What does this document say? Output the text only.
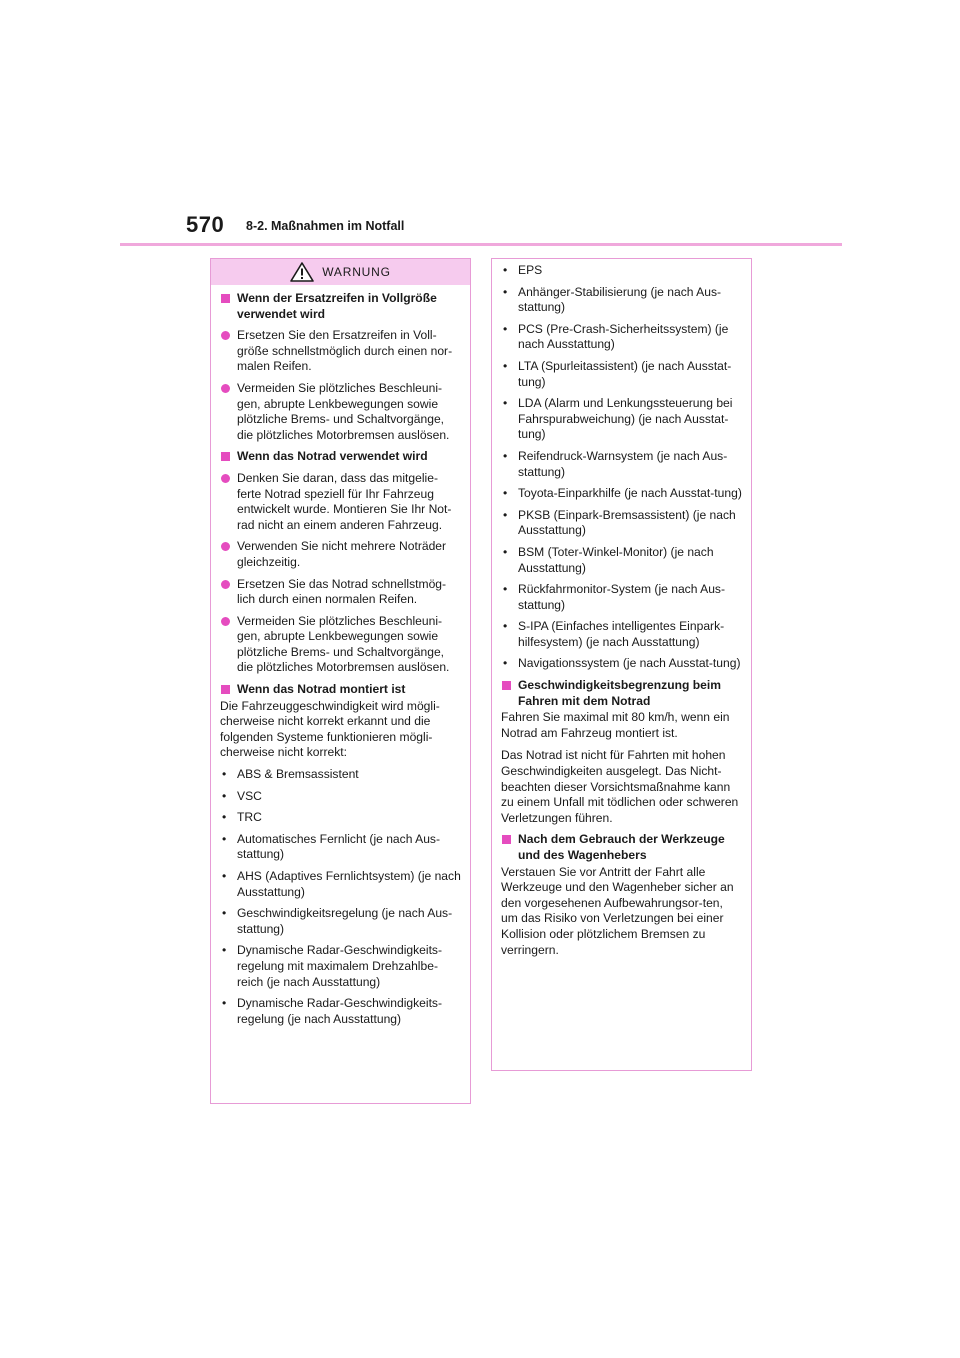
570 8-2. Maßnahmen im Notfall
WARNUNG
Wenn der Ersatzreifen in Vollgröße verwendet wird
Ersetzen Sie den Ersatzreifen in Voll-größe schnellstmöglich durch einen nor-malen Reifen.
Vermeiden Sie plötzliches Beschleuni-gen, abrupte Lenkbewegungen sowie plötzliche Brems- und Schaltvorgänge, die plötzliches Motorbremsen auslösen.
Wenn das Notrad verwendet wird
Denken Sie daran, dass das mitgelie-ferte Notrad speziell für Ihr Fahrzeug entwickelt wurde. Montieren Sie Ihr Not-rad nicht an einem anderen Fahrzeug.
Verwenden Sie nicht mehrere Noträder gleichzeitig.
Ersetzen Sie das Notrad schnellstmög-lich durch einen normalen Reifen.
Vermeiden Sie plötzliches Beschleuni-gen, abrupte Lenkbewegungen sowie plötzliche Brems- und Schaltvorgänge, die plötzliches Motorbremsen auslösen.
Wenn das Notrad montiert ist
Die Fahrzeuggeschwindigkeit wird mögli-cherweise nicht korrekt erkannt und die folgenden Systeme funktionieren mögli-cherweise nicht korrekt:
• ABS & Bremsassistent
• VSC
• TRC
• Automatisches Fernlicht (je nach Aus-stattung)
• AHS (Adaptives Fernlichtsystem) (je nach Ausstattung)
• Geschwindigkeitsregelung (je nach Aus-stattung)
• Dynamische Radar-Geschwindigkeits-regelung mit maximalem Drehzahlbe-reich (je nach Ausstattung)
• Dynamische Radar-Geschwindigkeits-regelung (je nach Ausstattung)
• EPS
• Anhänger-Stabilisierung (je nach Aus-stattung)
• PCS (Pre-Crash-Sicherheitssystem) (je nach Ausstattung)
• LTA (Spurleitassistent) (je nach Ausstat-tung)
• LDA (Alarm und Lenkungssteuerung bei Fahrspurabweichung) (je nach Ausstat-tung)
• Reifendruck-Warnsystem (je nach Aus-stattung)
• Toyota-Einparkhilfe (je nach Ausstat-tung)
• PKSB (Einpark-Bremsassistent) (je nach Ausstattung)
• BSM (Toter-Winkel-Monitor) (je nach Ausstattung)
• Rückfahrmonitor-System (je nach Aus-stattung)
• S-IPA (Einfaches intelligentes Einpark-hilfesystem) (je nach Ausstattung)
• Navigationssystem (je nach Ausstat-tung)
Geschwindigkeitsbegrenzung beim Fahren mit dem Notrad
Fahren Sie maximal mit 80 km/h, wenn ein Notrad am Fahrzeug montiert ist.
Das Notrad ist nicht für Fahrten mit hohen Geschwindigkeiten ausgelegt. Das Nicht-beachten dieser Vorsichtsmaßnahme kann zu einem Unfall mit tödlichen oder schweren Verletzungen führen.
Nach dem Gebrauch der Werkzeuge und des Wagenhebers
Verstauen Sie vor Antritt der Fahrt alle Werkzeuge und den Wagenheber sicher an den vorgesehenen Aufbewahrungsor-ten, um das Risiko von Verletzungen bei einer Kollision oder plötzlichem Bremsen zu verringern.
